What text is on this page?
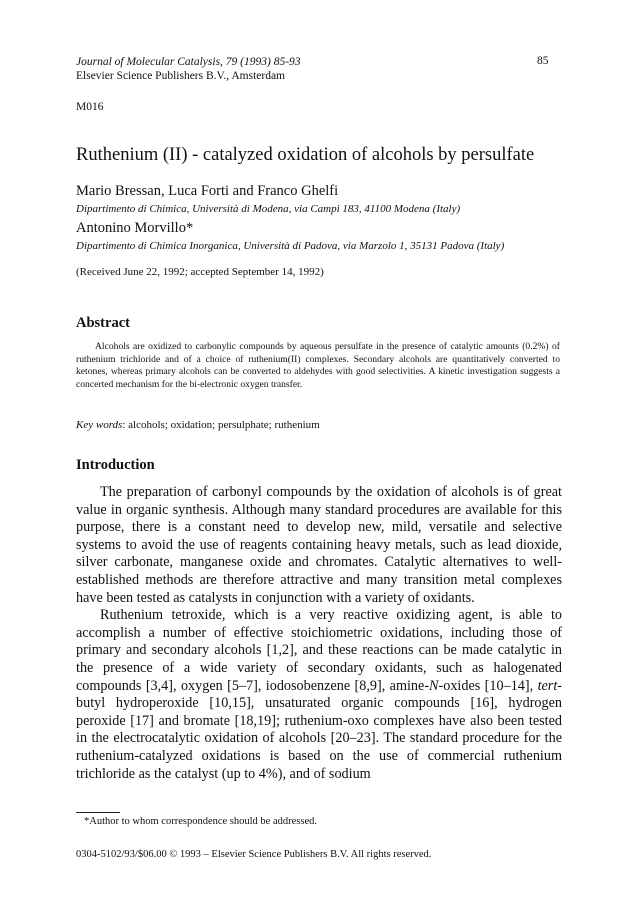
Journal of Molecular Catalysis, 79 (1993) 85-93
Elsevier Science Publishers B.V., Amsterdam
85
M016
Ruthenium (II) - catalyzed oxidation of alcohols by persulfate
Mario Bressan, Luca Forti and Franco Ghelfi
Dipartimento di Chimica, Università di Modena, via Campi 183, 41100 Modena (Italy)
Antonino Morvillo*
Dipartimento di Chimica Inorganica, Università di Padova, via Marzolo 1, 35131 Padova (Italy)
(Received June 22, 1992; accepted September 14, 1992)
Abstract

Alcohols are oxidized to carbonylic compounds by aqueous persulfate in the presence of catalytic amounts (0.2%) of ruthenium trichloride and of a choice of ruthenium(II) complexes. Secondary alcohols are quantitatively converted to ketones, whereas primary alcohols can be converted to aldehydes with good selectivities. A kinetic investigation suggests a concerted mechanism for the bi-electronic oxygen transfer.

Key words: alcohols; oxidation; persulphate; ruthenium
Introduction

The preparation of carbonyl compounds by the oxidation of alcohols is of great value in organic synthesis. Although many standard procedures are available for this purpose, there is a constant need to develop new, mild, versatile and selective systems to avoid the use of reagents containing heavy metals, such as lead dioxide, silver carbonate, manganese oxide and chromates. Catalytic alternatives to well-established methods are therefore attractive and many transition metal complexes have been tested as catalysts in conjunction with a variety of oxidants.

Ruthenium tetroxide, which is a very reactive oxidizing agent, is able to accomplish a number of effective stoichiometric oxidations, including those of primary and secondary alcohols [1,2], and these reactions can be made catalytic in the presence of a wide variety of secondary oxidants, such as halogenated compounds [3,4], oxygen [5–7], iodosobenzene [8,9], amine-N-oxides [10–14], tert-butyl hydroperoxide [10,15], unsaturated organic compounds [16], hydrogen peroxide [17] and bromate [18,19]; ruthenium-oxo complexes have also been tested in the electrocatalytic oxidation of alcohols [20–23]. The standard procedure for the ruthenium-catalyzed oxidations is based on the use of commercial ruthenium trichloride as the catalyst (up to 4%), and of sodium

*Author to whom correspondence should be addressed.
0304-5102/93/$06.00 © 1993 – Elsevier Science Publishers B.V. All rights reserved.
